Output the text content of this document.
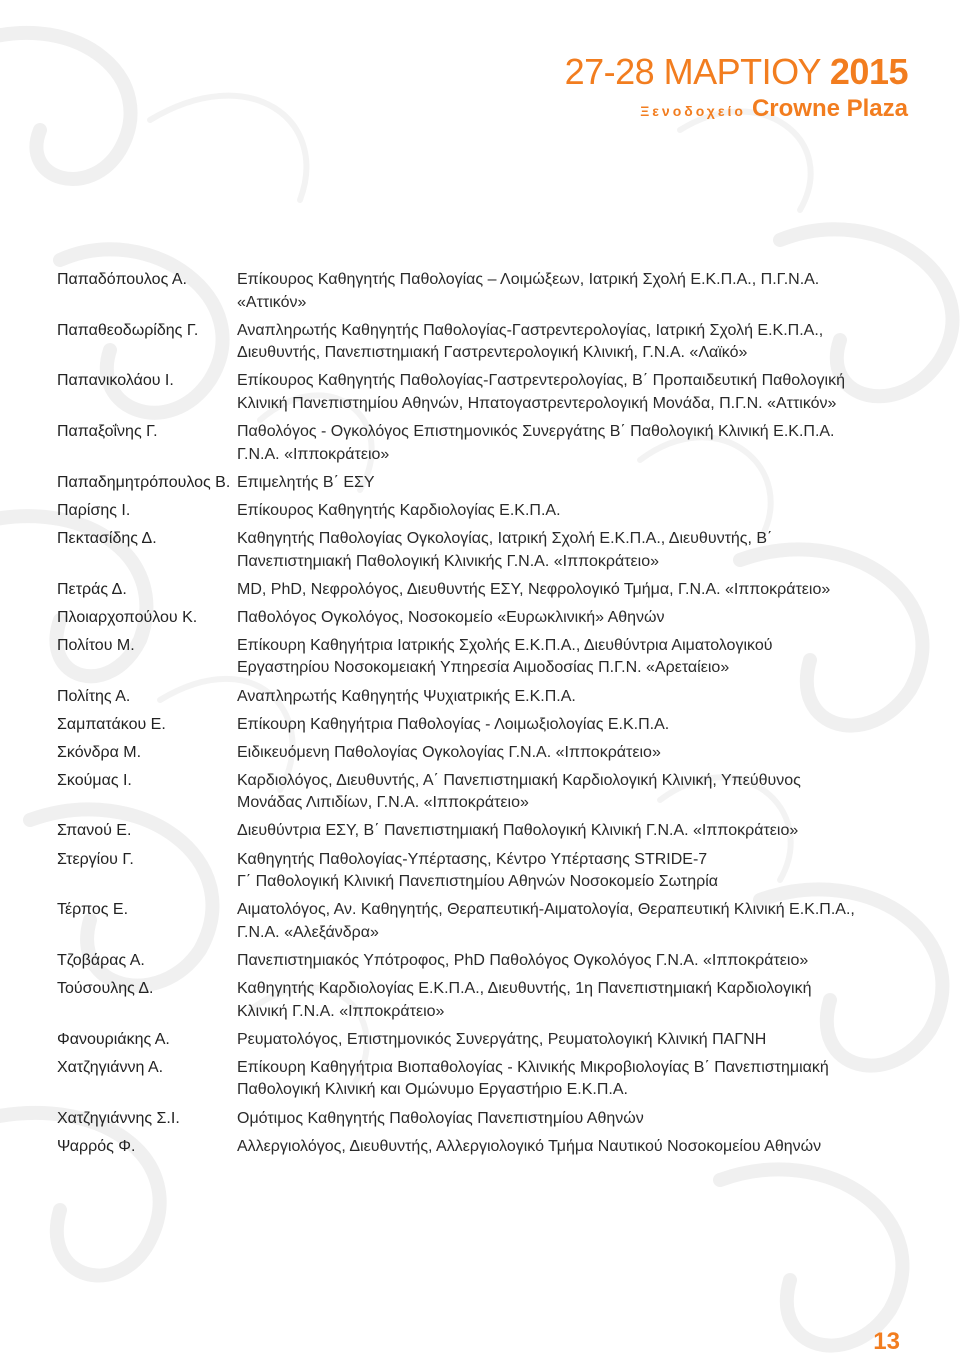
27-28 ΜΑΡΤΙΟΥ 2015
Ξενοδοχείο Crowne Plaza
Παπαδόπουλος Α.	Επίκουρος Καθηγητής Παθολογίας – Λοιμώξεων, Ιατρική Σχολή Ε.Κ.Π.Α., Π.Γ.Ν.Α.
«Αττικόν»
Παπαθεοδωρίδης Γ.	Αναπληρωτής Καθηγητής Παθολογίας-Γαστρεντερολογίας, Ιατρική Σχολή Ε.Κ.Π.Α.,
Διευθυντής, Πανεπιστημιακή Γαστρεντερολογική Κλινική, Γ.Ν.Α. «Λαϊκό»
Παπανικολάου Ι.	Επίκουρος Καθηγητής Παθολογίας-Γαστρεντερολογίας, Β΄ Προπαιδευτική Παθολογική
Κλινική Πανεπιστημίου Αθηνών, Ηπατογαστρεντερολογική Μονάδα, Π.Γ.Ν. «Αττικόν»
Παπαξοΐνης Γ.	Παθολόγος - Ογκολόγος Επιστημονικός Συνεργάτης Β΄ Παθολογική Κλινική Ε.Κ.Π.Α.
Γ.Ν.Α. «Ιπποκράτειο»
Παπαδημητρόπουλος Β. Επιμελητής Β΄ ΕΣΥ
Παρίσης Ι.	Επίκουρος Καθηγητής Καρδιολογίας Ε.Κ.Π.Α.
Πεκτασίδης Δ.	Καθηγητής Παθολογίας Ογκολογίας, Ιατρική Σχολή Ε.Κ.Π.Α., Διευθυντής, Β΄
Πανεπιστημιακή Παθολογική Κλινικής Γ.Ν.Α. «Ιπποκράτειο»
Πετράς Δ.	MD, PhD, Νεφρολόγος, Διευθυντής ΕΣΥ, Νεφρολογικό Τμήμα, Γ.Ν.Α. «Ιπποκράτειο»
Πλοιαρχοπούλου Κ.	Παθολόγος Ογκολόγος, Νοσοκομείο «Ευρωκλινική» Αθηνών
Πολίτου Μ.	Επίκουρη Καθηγήτρια Ιατρικής Σχολής Ε.Κ.Π.Α., Διευθύντρια Αιματολογικού
Εργαστηρίου Νοσοκομειακή Υπηρεσία Αιμοδοσίας Π.Γ.Ν. «Αρεταίειο»
Πολίτης Α.	Αναπληρωτής Καθηγητής Ψυχιατρικής Ε.Κ.Π.Α.
Σαμπατάκου Ε.	Επίκουρη Καθηγήτρια Παθολογίας - Λοιμωξιολογίας Ε.Κ.Π.Α.
Σκόνδρα Μ.	Ειδικευόμενη Παθολογίας Ογκολογίας Γ.Ν.Α. «Ιπποκράτειο»
Σκούμας Ι.	Καρδιολόγος, Διευθυντής, Α΄ Πανεπιστημιακή Καρδιολογική Κλινική, Υπεύθυνος
Μονάδας Λιπιδίων, Γ.Ν.Α. «Ιπποκράτειο»
Σπανού Ε.	Διευθύντρια ΕΣΥ, Β΄ Πανεπιστημιακή Παθολογική Κλινική Γ.Ν.Α. «Ιπποκράτειο»
Στεργίου Γ.	Καθηγητής Παθολογίας-Υπέρτασης, Κέντρο Υπέρτασης STRIDE-7
Γ΄ Παθολογική Κλινική Πανεπιστημίου Αθηνών Νοσοκομείο Σωτηρία
Τέρπος Ε.	Αιματολόγος, Αν. Καθηγητής, Θεραπευτική-Αιματολογία, Θεραπευτική Κλινική Ε.Κ.Π.Α.,
Γ.Ν.Α. «Αλεξάνδρα»
Τζοβάρας Α.	Πανεπιστημιακός Υπότροφος, PhD Παθολόγος Ογκολόγος Γ.Ν.Α. «Ιπποκράτειο»
Τούσουλης Δ.	Καθηγητής Καρδιολογίας Ε.Κ.Π.Α., Διευθυντής, 1η Πανεπιστημιακή Καρδιολογική
Κλινική Γ.Ν.Α. «Ιπποκράτειο»
Φανουριάκης Α.	Ρευματολόγος, Επιστημονικός Συνεργάτης, Ρευματολογική Κλινική ΠΑΓΝΗ
Χατζηγιάννη Α.	Επίκουρη Καθηγήτρια Βιοπαθολογίας - Κλινικής Μικροβιολογίας Β΄ Πανεπιστημιακή
Παθολογική Κλινική και Ομώνυμο Εργαστήριο Ε.Κ.Π.Α.
Χατζηγιάννης Σ.Ι.	Ομότιμος Καθηγητής Παθολογίας Πανεπιστημίου Αθηνών
Ψαρρός Φ.	Αλλεργιολόγος, Διευθυντής, Αλλεργιολογικό Τμήμα Ναυτικού Νοσοκομείου Αθηνών
13
